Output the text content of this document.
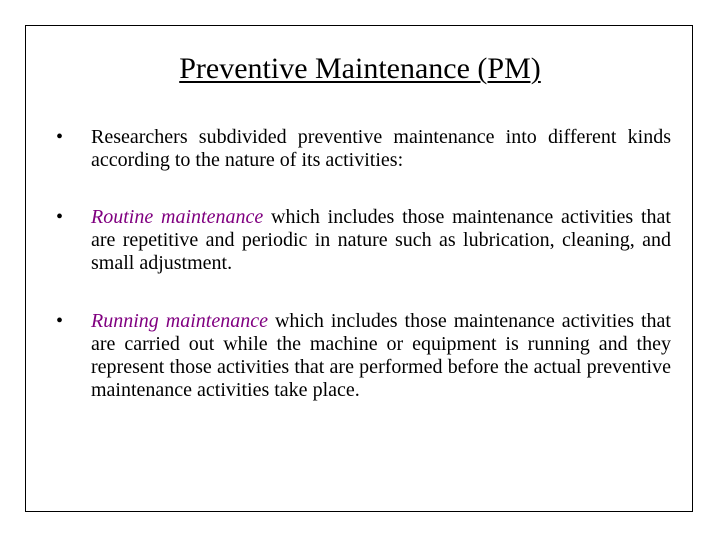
Preventive Maintenance (PM)
• Researchers subdivided preventive maintenance into different kinds according to the nature of its activities:
• Routine maintenance which includes those maintenance activities that are repetitive and periodic in nature such as lubrication, cleaning, and small adjustment.
• Running maintenance which includes those maintenance activities that are carried out while the machine or equipment is running and they represent those activities that are performed before the actual preventive maintenance activities take place.
